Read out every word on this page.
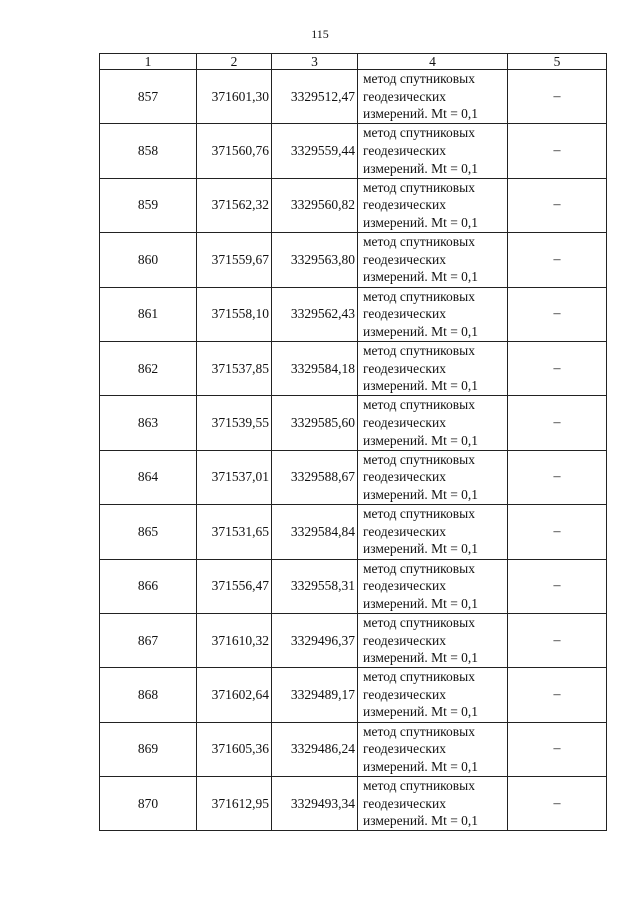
115
1	2	3	4	5
857	371601,30	3329512,47	метод спутниковых
геодезических
измерений. Mt = 0,1	–
858	371560,76	3329559,44	метод спутниковых
геодезических
измерений. Mt = 0,1	–
859	371562,32	3329560,82	метод спутниковых
геодезических
измерений. Mt = 0,1	–
860	371559,67	3329563,80	метод спутниковых
геодезических
измерений. Mt = 0,1	–
861	371558,10	3329562,43	метод спутниковых
геодезических
измерений. Mt = 0,1	–
862	371537,85	3329584,18	метод спутниковых
геодезических
измерений. Mt = 0,1	–
863	371539,55	3329585,60	метод спутниковых
геодезических
измерений. Mt = 0,1	–
864	371537,01	3329588,67	метод спутниковых
геодезических
измерений. Mt = 0,1	–
865	371531,65	3329584,84	метод спутниковых
геодезических
измерений. Mt = 0,1	–
866	371556,47	3329558,31	метод спутниковых
геодезических
измерений. Mt = 0,1	–
867	371610,32	3329496,37	метод спутниковых
геодезических
измерений. Mt = 0,1	–
868	371602,64	3329489,17	метод спутниковых
геодезических
измерений. Mt = 0,1	–
869	371605,36	3329486,24	метод спутниковых
геодезических
измерений. Mt = 0,1	–
870	371612,95	3329493,34	метод спутниковых
геодезических
измерений. Mt = 0,1	–
